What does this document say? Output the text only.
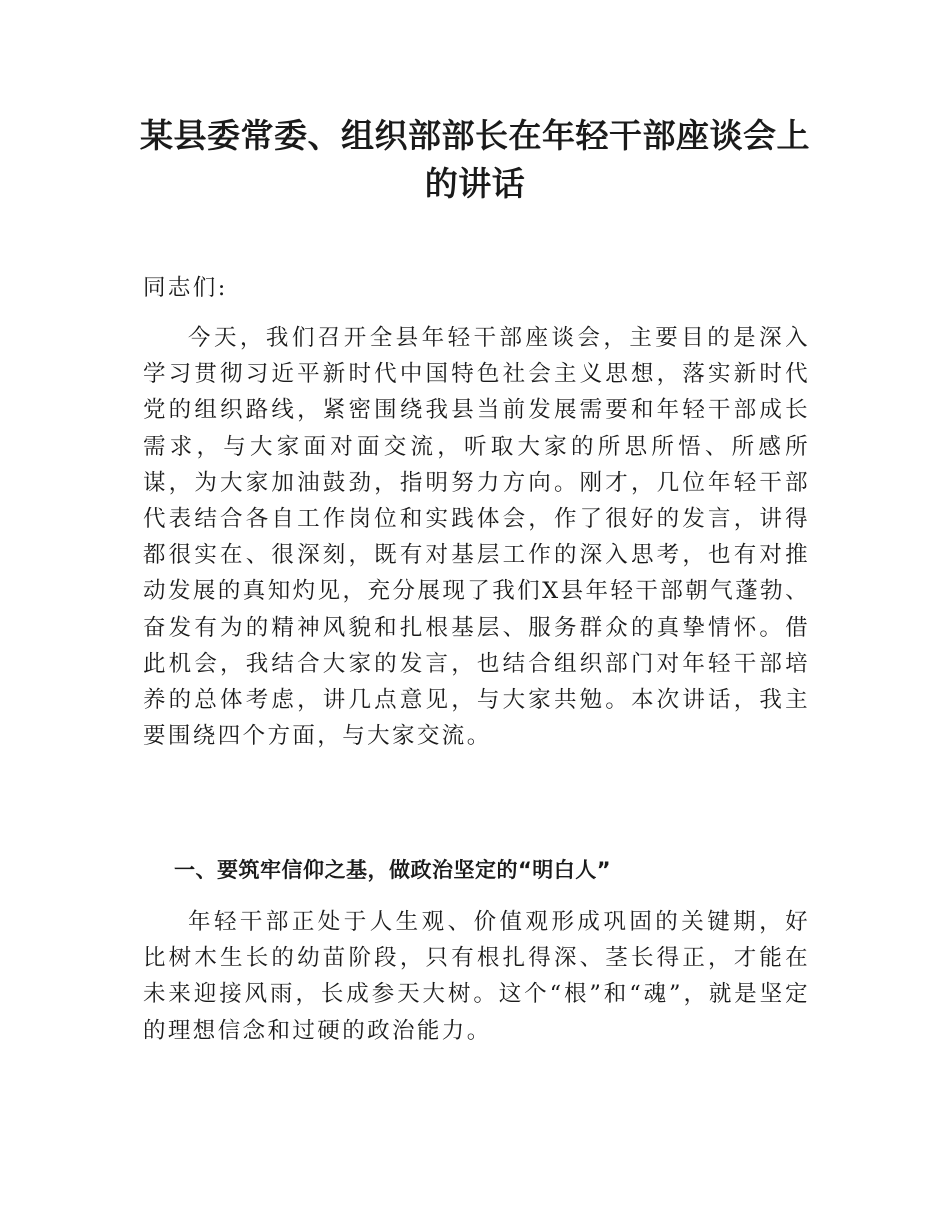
某县委常委、组织部部长在年轻干部座谈会上的讲话

同志们:

今天，我们召开全县年轻干部座谈会，主要目的是深入学习贯彻习近平新时代中国特色社会主义思想，落实新时代党的组织路线，紧密围绕我县当前发展需要和年轻干部成长需求，与大家面对面交流，听取大家的所思所悟、所感所谋，为大家加油鼓劲，指明努力方向。刚才，几位年轻干部代表结合各自工作岗位和实践体会，作了很好的发言，讲得都很实在、很深刻，既有对基层工作的深入思考，也有对推动发展的真知灼见，充分展现了我们X县年轻干部朝气蓬勃、奋发有为的精神风貌和扎根基层、服务群众的真挚情怀。借此机会，我结合大家的发言，也结合组织部门对年轻干部培养的总体考虑，讲几点意见，与大家共勉。本次讲话，我主要围绕四个方面，与大家交流。

一、要筑牢信仰之基，做政治坚定的“明白人”

年轻干部正处于人生观、价值观形成巩固的关键期，好比树木生长的幼苗阶段，只有根扎得深、茎长得正，才能在未来迎接风雨，长成参天大树。这个“根”和“魂”，就是坚定的理想信念和过硬的政治能力。
